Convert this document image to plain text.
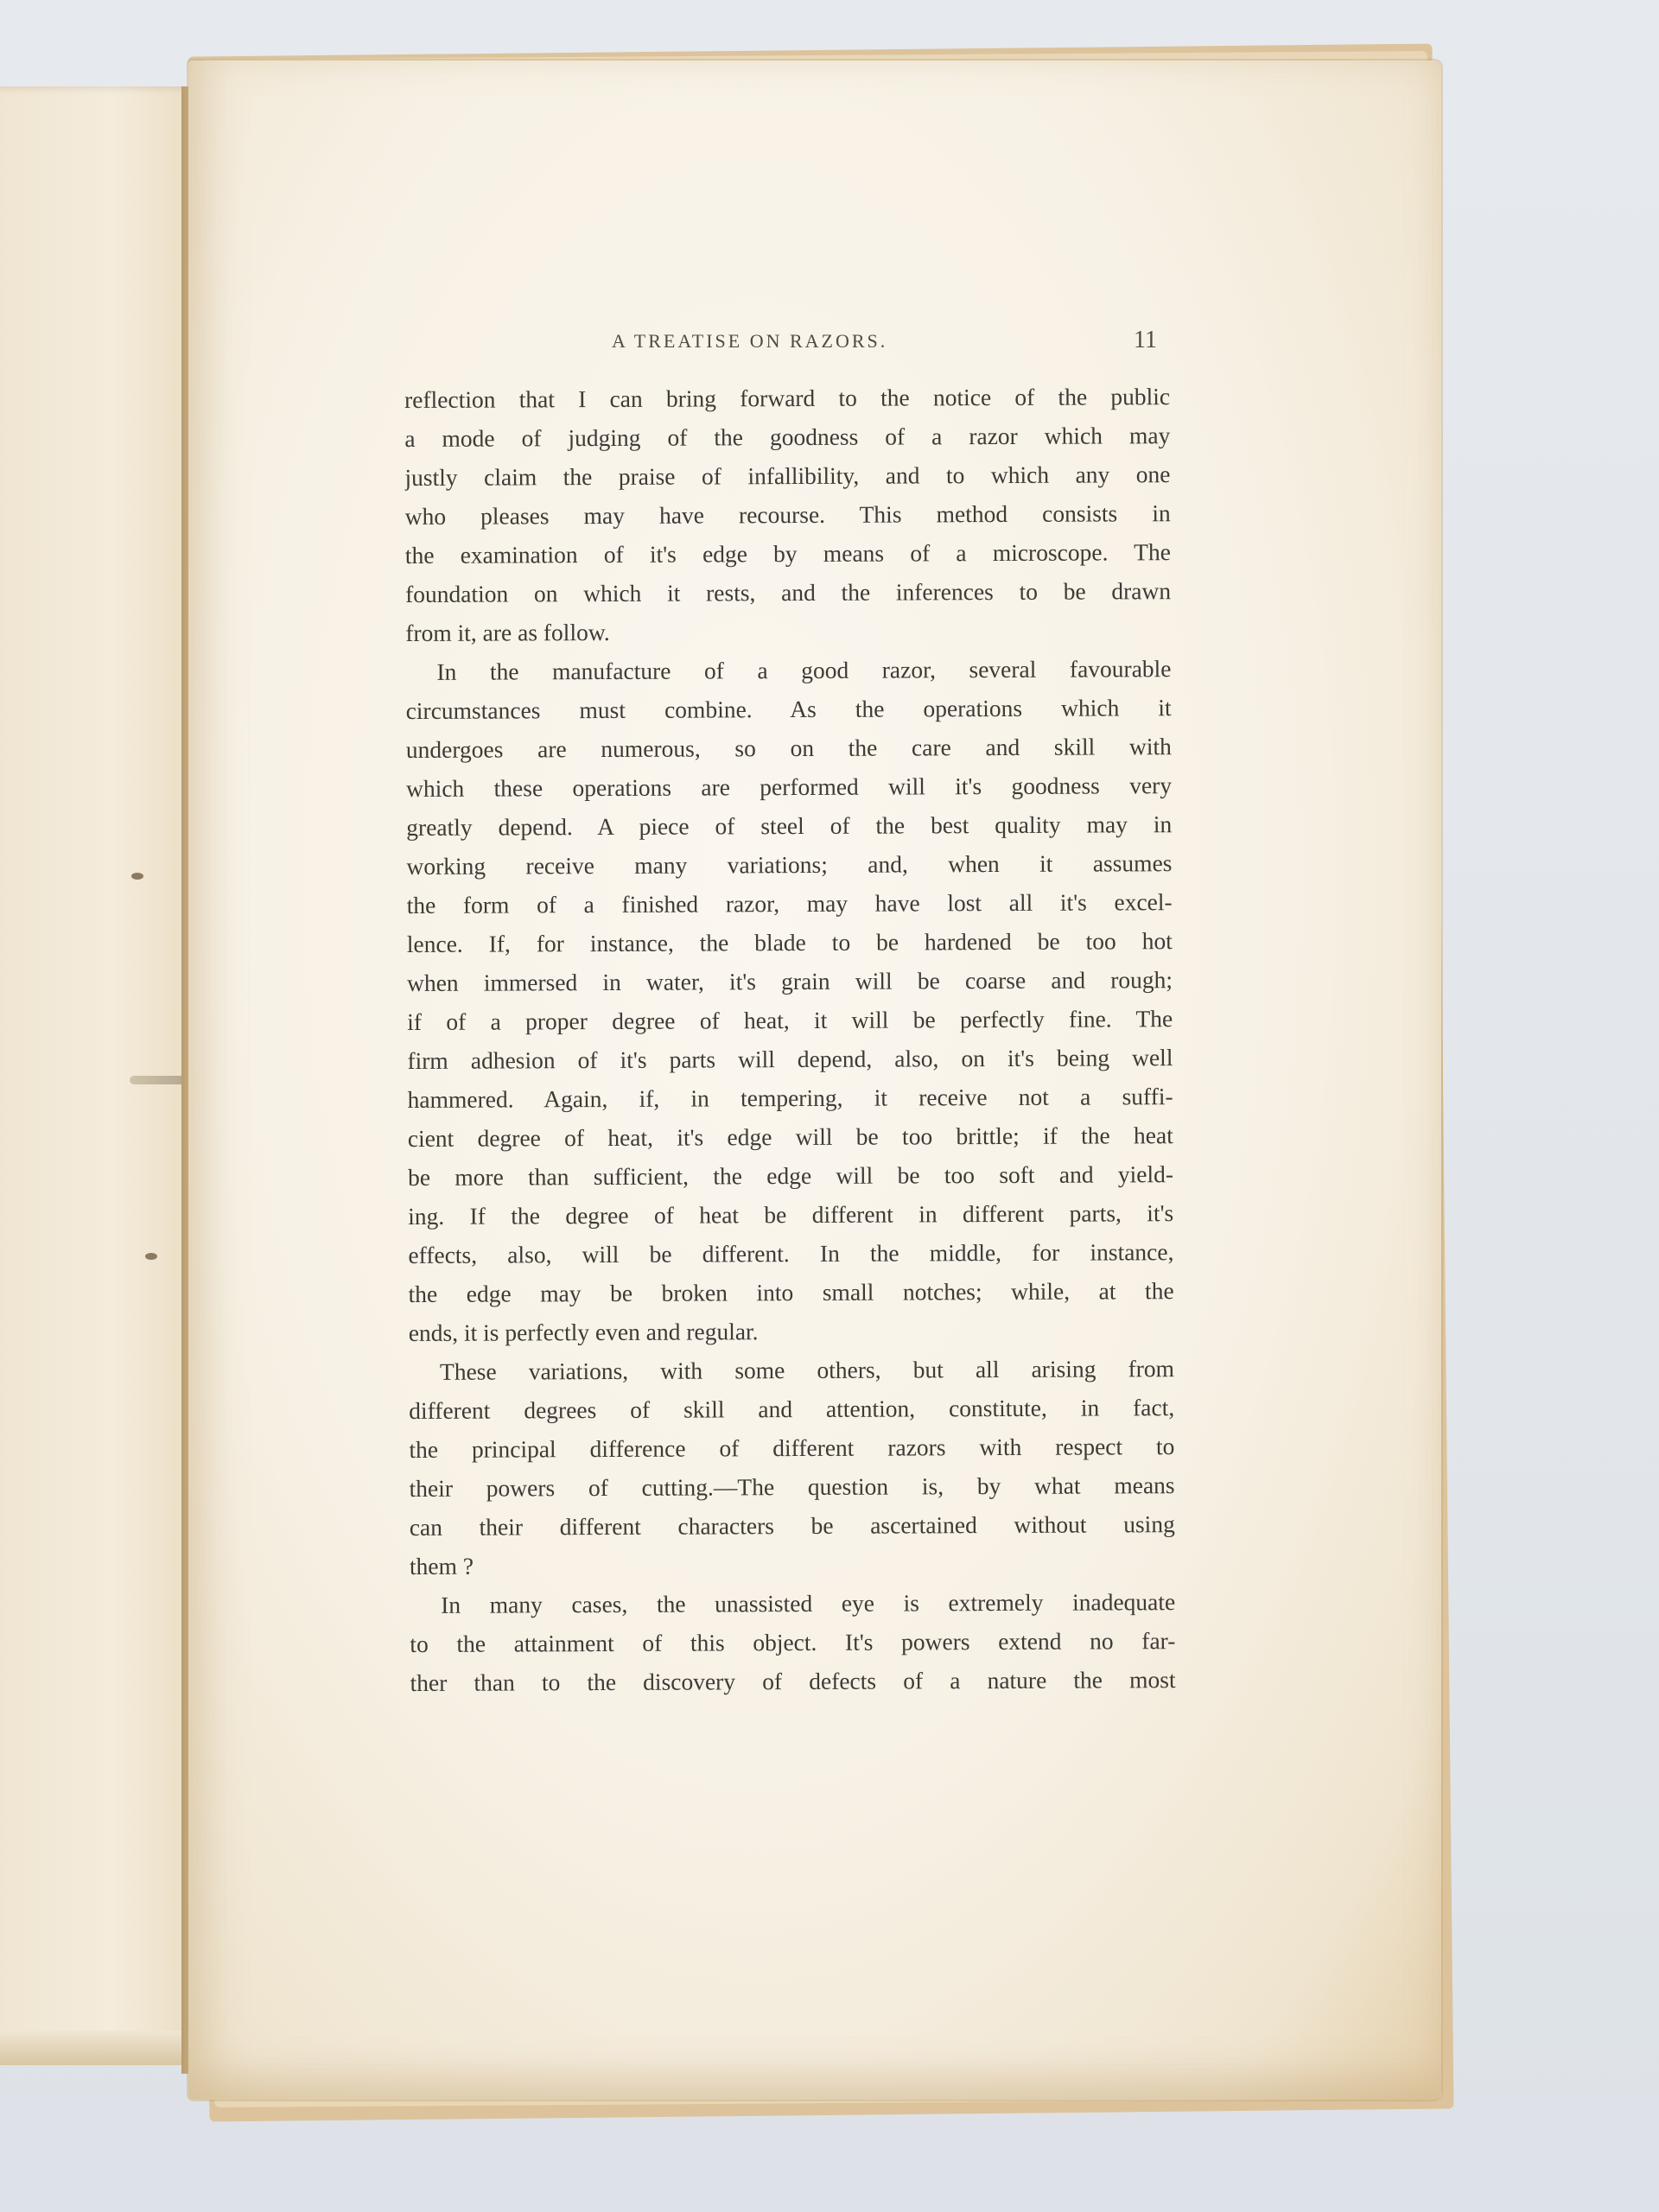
A TREATISE ON RAZORS.	11
reflection that I can bring forward to the notice of the public
a mode of judging of the goodness of a razor which may
justly claim the praise of infallibility, and to which any one
who pleases may have recourse. This method consists in
the examination of it's edge by means of a microscope. The
foundation on which it rests, and the inferences to be drawn
from it, are as follow.
In the manufacture of a good razor, several favourable
circumstances must combine. As the operations which it
undergoes are numerous, so on the care and skill with
which these operations are performed will it's goodness very
greatly depend. A piece of steel of the best quality may in
working receive many variations; and, when it assumes
the form of a finished razor, may have lost all it's excel-
lence. If, for instance, the blade to be hardened be too hot
when immersed in water, it's grain will be coarse and rough;
if of a proper degree of heat, it will be perfectly fine. The
firm adhesion of it's parts will depend, also, on it's being well
hammered. Again, if, in tempering, it receive not a suffi-
cient degree of heat, it's edge will be too brittle; if the heat
be more than sufficient, the edge will be too soft and yield-
ing. If the degree of heat be different in different parts, it's
effects, also, will be different. In the middle, for instance,
the edge may be broken into small notches; while, at the
ends, it is perfectly even and regular.
These variations, with some others, but all arising from
different degrees of skill and attention, constitute, in fact,
the principal difference of different razors with respect to
their powers of cutting.—The question is, by what means
can their different characters be ascertained without using
them ?
In many cases, the unassisted eye is extremely inadequate
to the attainment of this object. It's powers extend no far-
ther than to the discovery of defects of a nature the most
